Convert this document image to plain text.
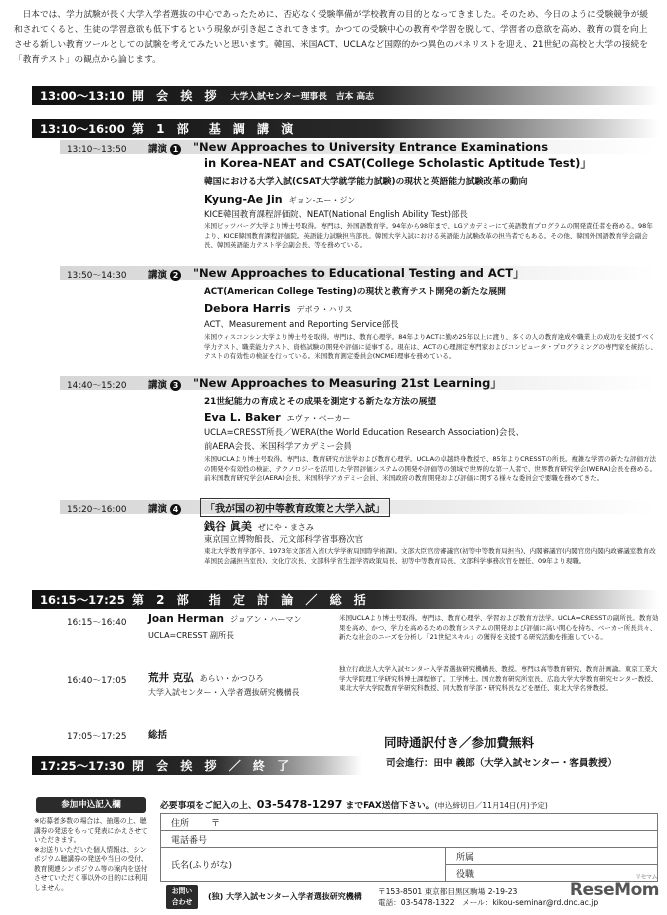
日本では、学力試験が長く大学入学者選抜の中心であったために、否応なく受験準備が学校教育の目的となってきました。そのため、今日のように受験競争が緩和されてくると、生徒の学習意欲も低下するという現象が引き起こされてきます。かつての受験中心の教育や学習を脱して、学習者の意欲を高め、教育の質を向上させる新しい教育ツールとしての試験を考えてみたいと思います。韓国、米国ACT、UCLAなど国際的かつ異色のパネリストを迎え、21世紀の高校と大学の接続を「教育テスト」の観点から論じます。
13:00〜13:10 開 会 挨 拶 大学入試センター理事長　吉本 高志
13:10〜16:00 第 1 部　基 調 講 演
13:10〜13:50 講演 1 "New Approaches to University Entrance Examinations
in Korea-NEAT and CSAT(College Scholastic Aptitude Test)」
韓国における大学入試(CSAT大学就学能力試験)の現状と英語能力試験改革の動向
Kyung-Ae Jin ギョン-エー・ジン
KICE韓国教育課程評価院、NEAT(National English Ability Test)部長
米国ピッツバーグ大学より博士号取得。専門は、外国語教育学。94年から98年まで、LGアカデミーにて英語教育プログラムの開発責任者を務める。98年より、KICE韓国教育課程評価院。英語能力試験担当部長。韓国大学入試における英語能力試験改革の担当者でもある。その他、韓国外国語教育学会副会長、韓国英語能力テスト学会副会長、等を務めている。
13:50〜14:30 講演 2 "New Approaches to Educational Testing and ACT」
ACT(American College Testing)の現状と教育テスト開発の新たな展開
Debora Harris デボラ・ハリス
ACT、Measurement and Reporting Service部長
米国ウィスコンシン大学より博士号を取得。専門は、教育心理学。84年よりACTに勤め25年以上に渡り、多くの人の教育達成や職業上の成功を支援すべく学力テスト、職業能力テスト、資格試験の開発や評価に従事する。現在は、ACTの心理測定専門家およびコンピュータ・プログラミングの専門家を統括し、テストの有効性の検証を行っている。米国教育測定委員会(NCME)理事を務めている。
14:40〜15:20 講演 3 "New Approaches to Measuring 21st Learning」
21世紀能力の育成とその成果を測定する新たな方法の展望
Eva L. Baker エヴァ・ベーカー
UCLA=CRESST所長／WERA(the World Education Research Association)会長、
前AERA会長、米国科学アカデミー会員
米国UCLAより博士号取得。専門は、教育研究方法学および教育心理学。UCLAの卓越終身教授で、85年よりCRESSTの所長。複雑な学習の新たな評価方法の開発や有効性の検証、テクノロジーを活用した学習評価システムの開発や評価等の領域で世界的な第一人者で、世界教育研究学会(WERA)会長を務める。前米国教育研究学会(AERA)会長、米国科学アカデミー会員、米国政府の教育開発および評価に関する様々な委員会で要職を務めてきた。
15:20〜16:00 講演 4	「我が国の初中等教育政策と大学入試」
銭谷 眞美 ぜにや・まさみ
東京国立博物館長、元文部科学省事務次官
東北大学教育学部卒、1973年文部省入省(大学学術局国際学術課)。文部大臣官房審議官(初等中等教育局担当)、内閣審議官(内閣官房内閣内政審議室教育改革国民会議担当室長)、文化庁次長、文部科学省生涯学習政策局長、初等中等教育局長、文部科学事務次官を歴任、09年より現職。
16:15〜17:25 第 2 部　指 定 討 論 ／ 総 括
16:15〜16:40 Joan Herman ジョアン・ハーマン
UCLA=CRESST 副所長
米国UCLAより博士号取得。専門は、教育心理学、学習および教育方法学。UCLA=CRESSTの副所長。教育効果を高め、かつ、学力を高めるための教育システムの開発および評価に高い関心を持ち、ベーカー所長共々、新たな社会のニーズを分析し「21世紀スキル」の獲得を支援する研究活動を推進している。
16:40〜17:05 荒井 克弘 あらい・かつひろ
大学入試センター・入学者選抜研究機構長
独立行政法人大学入試センター入学者選抜研究機構長、教授。専門は高等教育研究、教育計画論。東京工業大学大学院理工学研究科博士課程修了。工学博士。国立教育研究所室長、広島大学大学教育研究センター教授、東北大学大学院教育学研究科教授、同大教育学部・研究科長などを歴任、東北大学名誉教授。
17:05〜17:25 総括	同時通訳付き／参加費無料
司会進行：田中 義郎（大学入試センター・客員教授）
17:25〜17:30 閉 会 挨 拶 ／ 終 了
参加申込記入欄
※応募者多数の場合は、抽選の上、聴講券の発送をもって発表にかえさせていただきます。
※お送りいただいた個人情報は、シンポジウム聴講券の発送や当日の受付、教育関連シンポジウム等の案内を送付させていただく事以外の目的には利用しません。
必要事項をご記入の上、03-5478-1297 までFAX送信下さい。(申込締切日／11月14日(月)予定)
住所 〒
電話番号
氏名(ふりがな)	所属
役職
お問い
合わせ
(独) 大学入試センター入学者選抜研究機構
〒153-8501 東京都目黒区駒場 2-19-23
電話：03-5478-1322　メール：kikou-seminar@rd.dnc.ac.jp
ReseMom
リセマム
